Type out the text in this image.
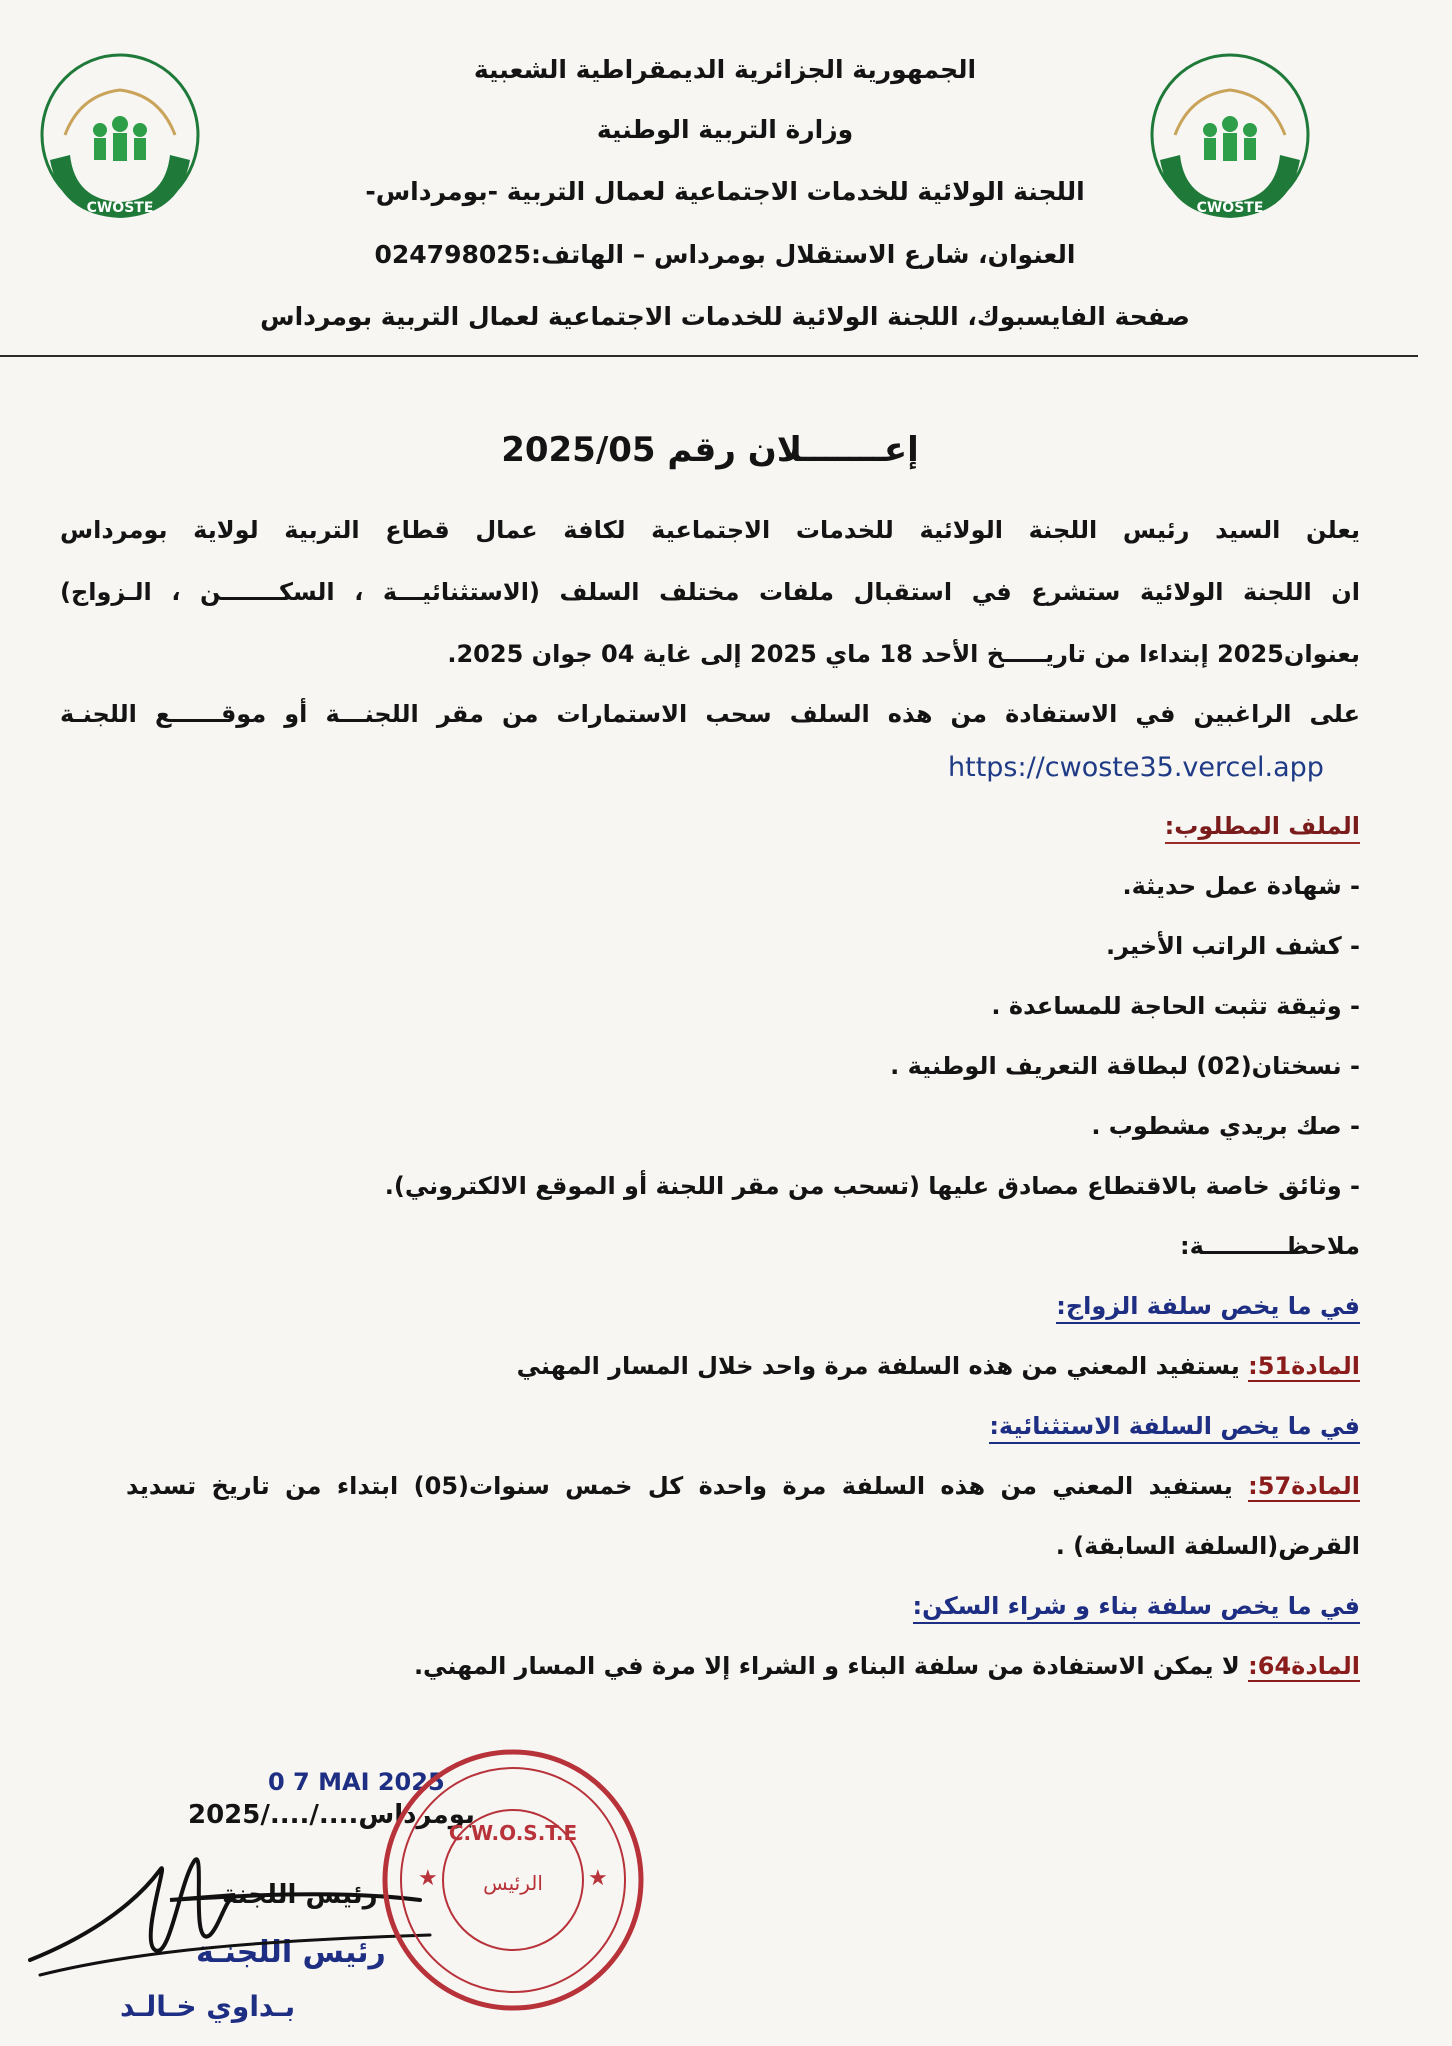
CWOSTE	CWOSTE
الجمهورية الجزائرية الديمقراطية الشعبية
وزارة التربية الوطنية
اللجنة الولائية للخدمات الاجتماعية لعمال التربية -بومرداس-
العنوان، شارع الاستقلال بومرداس – الهاتف:024798025
صفحة الفايسبوك، اللجنة الولائية للخدمات الاجتماعية لعمال التربية بومرداس
إعـــــــلان رقم 2025/05
يعلن السيد رئيس اللجنة الولائية للخدمات الاجتماعية لكافة عمال قطاع التربية لولاية بومرداس
ان اللجنة الولائية ستشرع في استقبال ملفات مختلف السلف (الاستثنائيـــة ، السكـــــــن ، الـزواج)
بعنوان2025 إبتداءا من تاريـــــخ الأحد 18 ماي 2025 إلى غاية 04 جوان 2025.
على الراغبين في الاستفادة من هذه السلف سحب الاستمارات من مقر اللجنـــة أو موقــــــع اللجنـة
https://cwoste35.vercel.app
الملف المطلوب:
- شهادة عمل حديثة.
- كشف الراتب الأخير.
- وثيقة تثبت الحاجة للمساعدة .
- نسختان(02) لبطاقة التعريف الوطنية .
- صك بريدي مشطوب .
- وثائق خاصة بالاقتطاع مصادق عليها (تسحب من مقر اللجنة أو الموقع الالكتروني).
ملاحظــــــــــة:
في ما يخص سلفة الزواج:
المادة51: يستفيد المعني من هذه السلفة مرة واحد خلال المسار المهني
في ما يخص السلفة الاستثنائية:
المادة57: يستفيد المعني من هذه السلفة مرة واحدة كل خمس سنوات(05) ابتداء من تاريخ تسديد
القرض(السلفة السابقة) .
في ما يخص سلفة بناء و شراء السكن:
المادة64: لا يمكن الاستفادة من سلفة البناء و الشراء إلا مرة في المسار المهني.
0 7 MAI 2025
2025/..../....بومرداس
رئيس اللجنة
رئيس اللجنـة
بـداوي خـالـد
C.W.O.S.T.E
الرئيس
★	★
